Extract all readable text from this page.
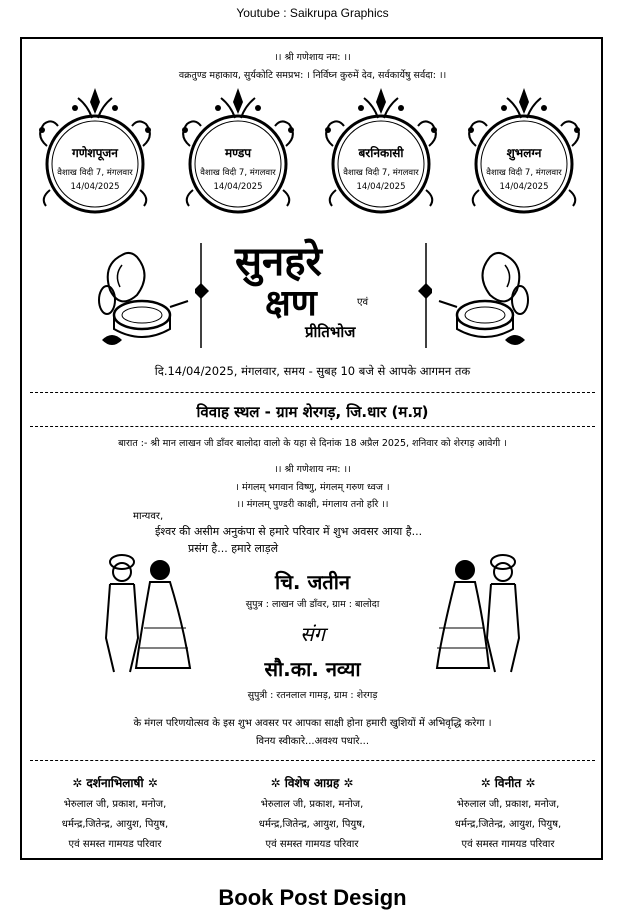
Youtube : Saikrupa Graphics
।। श्री गणेशाय नम: ।।
वक्रतुण्ड महाकाय, सुर्यकोटि समप्रभ: । निर्विघ्न कुरुमें देव, सर्वकार्येषु सर्वदा: ।।
गणेशपूजन
वैशाख विदी 7, मंगलवार
14/04/2025
मण्डप
वैशाख विदी 7, मंगलवार
14/04/2025
बरनिकासी
वैशाख विदी 7, मंगलवार
14/04/2025
शुभलग्न
वैशाख विदी 7, मंगलवार
14/04/2025
सुनहरे
क्षण	एवं
प्रीतिभोज
दि.14/04/2025, मंगलवार, समय - सुबह 10 बजे से आपके आगमन तक
विवाह स्थल - ग्राम शेरगड़, जि.धार (म.प्र)
बारात :- श्री मान लाखन जी डाँवर बालोदा वालो के यहा से दिनांक 18 अप्रैल 2025, शनिवार को शेरगड़ आवेगी ।
।। श्री गणेशाय नम: ।।
। मंगलम् भगवान विष्णु, मंगलम् गरुण ध्वज ।
।। मंगलम् पुण्डरी काक्षी, मंगलाय तनो हरि ।।
मान्यवर,
ईश्वर की असीम अनुकंपा से हमारे परिवार में शुभ अवसर आया है...
प्रसंग है... हमारे लाड़ले
चि. जतीन
सुपुत्र : लाखन जी डाँवर, ग्राम : बालोदा
संग
सौ.का. नव्या
सुपुत्री : रतनलाल गामड़, ग्राम : शेरगड़
के मंगल परिणयोत्सव के इस शुभ अवसर पर आपका साक्षी होना हमारी खुशियों में अभिवृद्धि करेगा ।
विनय स्वीकारे...अवश्य पधारे...
✲ दर्शनाभिलाषी ✲
भेरुलाल जी, प्रकाश, मनोज,
धर्मन्द्र,जितेन्द्र, आयुश, पियुष,
एवं समस्त गामयड परिवार
✲ विशेष आग्रह ✲
भेरुलाल जी, प्रकाश, मनोज,
धर्मन्द्र,जितेन्द्र, आयुश, पियुष,
एवं समस्त गामयड परिवार
✲ विनीत ✲
भेरुलाल जी, प्रकाश, मनोज,
धर्मन्द्र,जितेन्द्र, आयुश, पियुष,
एवं समस्त गामयड परिवार
Book Post Design
